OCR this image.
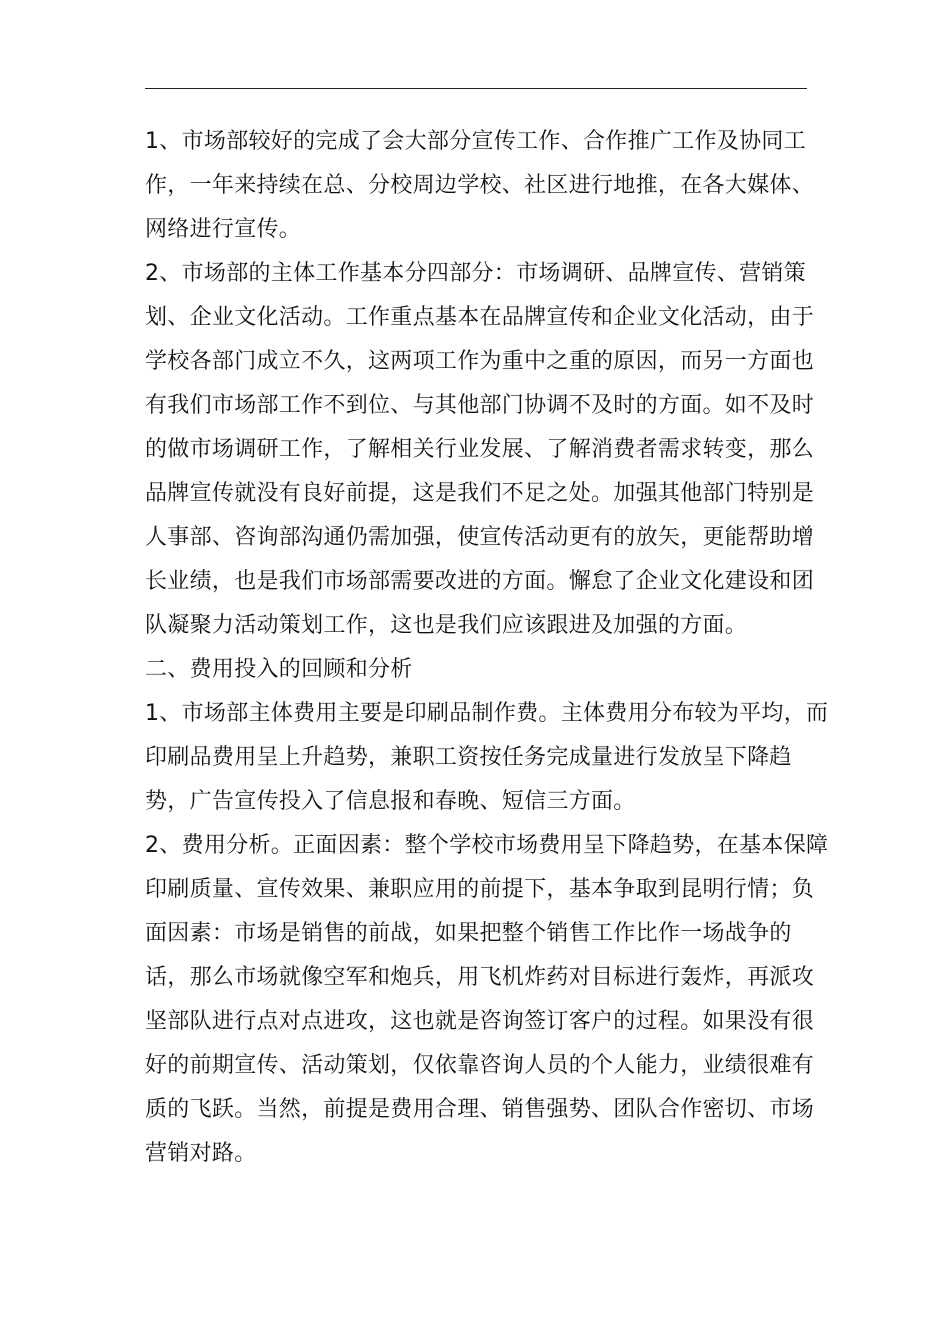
1、市场部较好的完成了会大部分宣传工作、合作推广工作及协同工作，一年来持续在总、分校周边学校、社区进行地推，在各大媒体、网络进行宣传。

2、市场部的主体工作基本分四部分：市场调研、品牌宣传、营销策划、企业文化活动。工作重点基本在品牌宣传和企业文化活动，由于学校各部门成立不久，这两项工作为重中之重的原因，而另一方面也有我们市场部工作不到位、与其他部门协调不及时的方面。如不及时的做市场调研工作，了解相关行业发展、了解消费者需求转变，那么品牌宣传就没有良好前提，这是我们不足之处。加强其他部门特别是人事部、咨询部沟通仍需加强，使宣传活动更有的放矢，更能帮助增长业绩，也是我们市场部需要改进的方面。懈怠了企业文化建设和团队凝聚力活动策划工作，这也是我们应该跟进及加强的方面。

二、费用投入的回顾和分析

1、市场部主体费用主要是印刷品制作费。主体费用分布较为平均，而印刷品费用呈上升趋势，兼职工资按任务完成量进行发放呈下降趋势，广告宣传投入了信息报和春晚、短信三方面。

2、费用分析。正面因素：整个学校市场费用呈下降趋势，在基本保障印刷质量、宣传效果、兼职应用的前提下，基本争取到昆明行情；负面因素：市场是销售的前战，如果把整个销售工作比作一场战争的话，那么市场就像空军和炮兵，用飞机炸药对目标进行轰炸，再派攻坚部队进行点对点进攻，这也就是咨询签订客户的过程。如果没有很好的前期宣传、活动策划，仅依靠咨询人员的个人能力，业绩很难有质的飞跃。当然，前提是费用合理、销售强势、团队合作密切、市场营销对路。
